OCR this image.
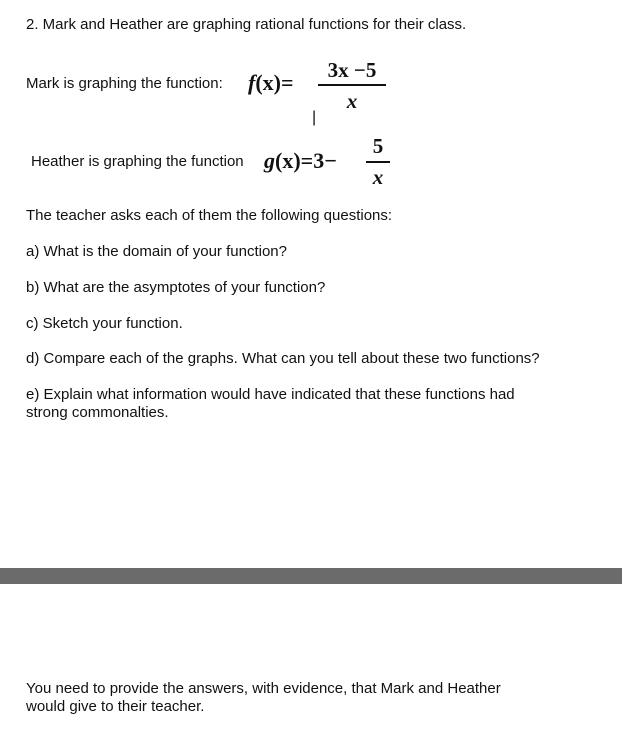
2. Mark and Heather are graphing rational functions for their class.
Mark is graphing the function: f(x)=	3x −5
x
|
Heather is graphing the function g(x)=3−
5
x
The teacher asks each of them the following questions:
a) What is the domain of your function?
b) What are the asymptotes of your function?
c) Sketch your function.
d) Compare each of the graphs. What can you tell about these two functions?
e) Explain what information would have indicated that these functions had
strong commonalties.
You need to provide the answers, with evidence, that Mark and Heather
would give to their teacher.
